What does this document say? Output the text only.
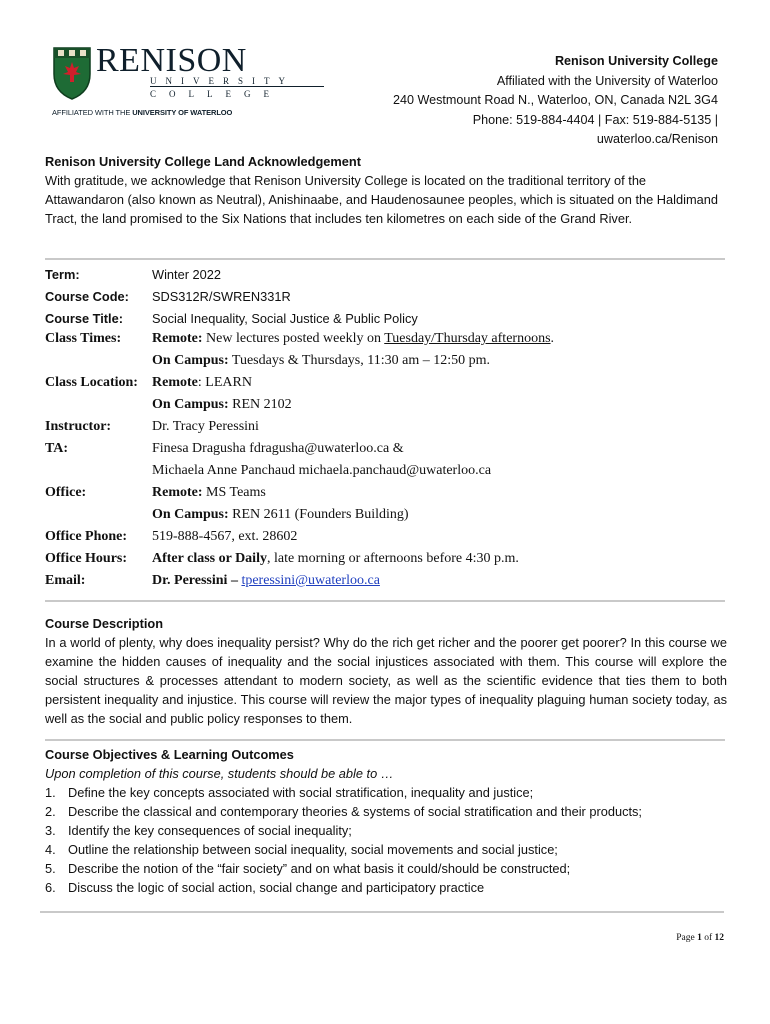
RENISON
UNIVERSITY
COLLEGE
AFFILIATED WITH THE UNIVERSITY OF WATERLOO
Renison University College
Affiliated with the University of Waterloo
240 Westmount Road N., Waterloo, ON, Canada N2L 3G4
Phone: 519-884-4404 | Fax: 519-884-5135 |
uwaterloo.ca/Renison
Renison University College Land Acknowledgement
With gratitude, we acknowledge that Renison University College is located on the traditional territory of the Attawandaron (also known as Neutral), Anishinaabe, and Haudenosaunee peoples, which is situated on the Haldimand Tract, the land promised to the Six Nations that includes ten kilometres on each side of the Grand River.
Term:	Winter 2022
Course Code: SDS312R/SWREN331R
Course Title: Social Inequality, Social Justice & Public Policy
Class Times: Remote: New lectures posted weekly on Tuesday/Thursday afternoons.
On Campus: Tuesdays & Thursdays, 11:30 am – 12:50 pm.
Class Location: Remote: LEARN
On Campus: REN 2102
Instructor:	Dr. Tracy Peressini
TA:	Finesa Dragusha fdragusha@uwaterloo.ca &
Michaela Anne Panchaud michaela.panchaud@uwaterloo.ca
Office:	Remote: MS Teams
On Campus: REN 2611 (Founders Building)
Office Phone: 519-888-4567, ext. 28602
Office Hours: After class or Daily, late morning or afternoons before 4:30 p.m.
Email:	Dr. Peressini – tperessini@uwaterloo.ca
Course Description
In a world of plenty, why does inequality persist? Why do the rich get richer and the poorer get poorer? In this course we examine the hidden causes of inequality and the social injustices associated with them. This course will explore the social structures & processes attendant to modern society, as well as the scientific evidence that ties them to both persistent inequality and injustice. This course will review the major types of inequality plaguing human society today, as well as the social and public policy responses to them.
Course Objectives & Learning Outcomes
Upon completion of this course, students should be able to …
1. Define the key concepts associated with social stratification, inequality and justice;
2. Describe the classical and contemporary theories & systems of social stratification and their products;
3. Identify the key consequences of social inequality;
4. Outline the relationship between social inequality, social movements and social justice;
5. Describe the notion of the “fair society” and on what basis it could/should be constructed;
6. Discuss the logic of social action, social change and participatory practice
Page 1 of 12
